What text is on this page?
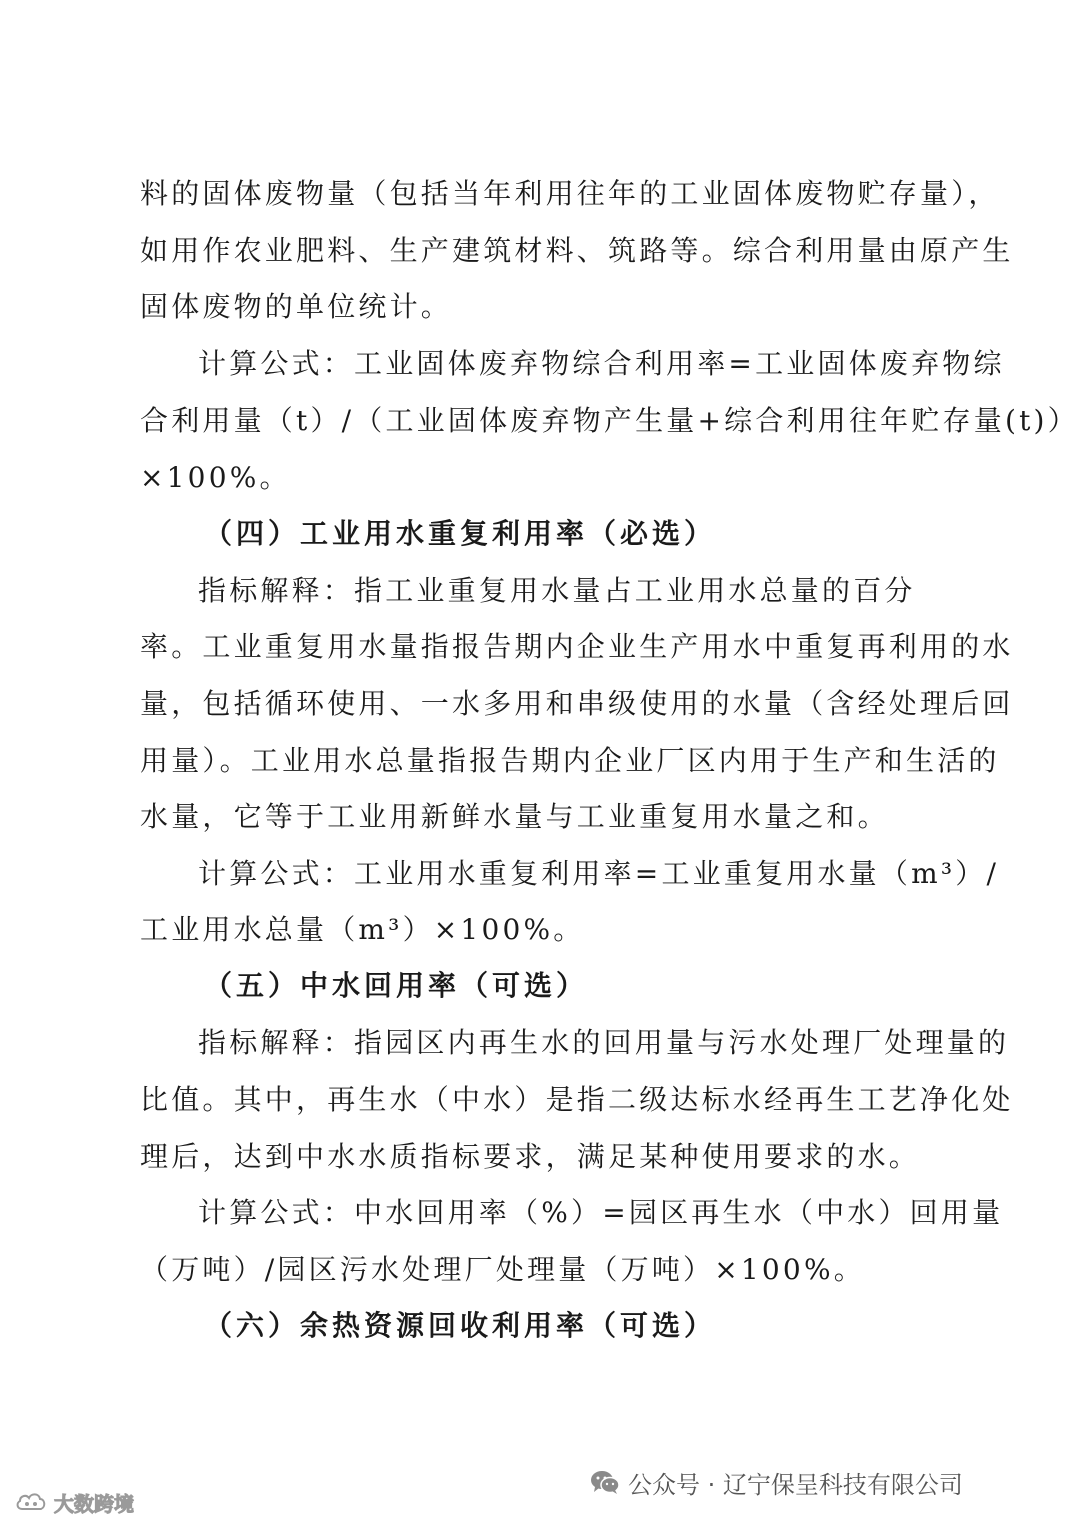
料的固体废物量（包括当年利用往年的工业固体废物贮存量），

如用作农业肥料、生产建筑材料、筑路等。综合利用量由原产生

固体废物的单位统计。

计算公式：工业固体废弃物综合利用率=工业固体废弃物综

合利用量（t）/（工业固体废弃物产生量+综合利用往年贮存量(t)）

×100%。

（四）工业用水重复利用率（必选）

指标解释：指工业重复用水量占工业用水总量的百分

率。工业重复用水量指报告期内企业生产用水中重复再利用的水

量，包括循环使用、一水多用和串级使用的水量（含经处理后回

用量）。工业用水总量指报告期内企业厂区内用于生产和生活的

水量，它等于工业用新鲜水量与工业重复用水量之和。

计算公式：工业用水重复利用率=工业重复用水量（m³）/

工业用水总量（m³）×100%。

（五）中水回用率（可选）

指标解释：指园区内再生水的回用量与污水处理厂处理量的

比值。其中，再生水（中水）是指二级达标水经再生工艺净化处

理后，达到中水水质指标要求，满足某种使用要求的水。

计算公式：中水回用率（%）=园区再生水（中水）回用量

（万吨）/园区污水处理厂处理量（万吨）×100%。

（六）余热资源回收利用率（可选）

公众号 · 辽宁保呈科技有限公司
大数跨境
